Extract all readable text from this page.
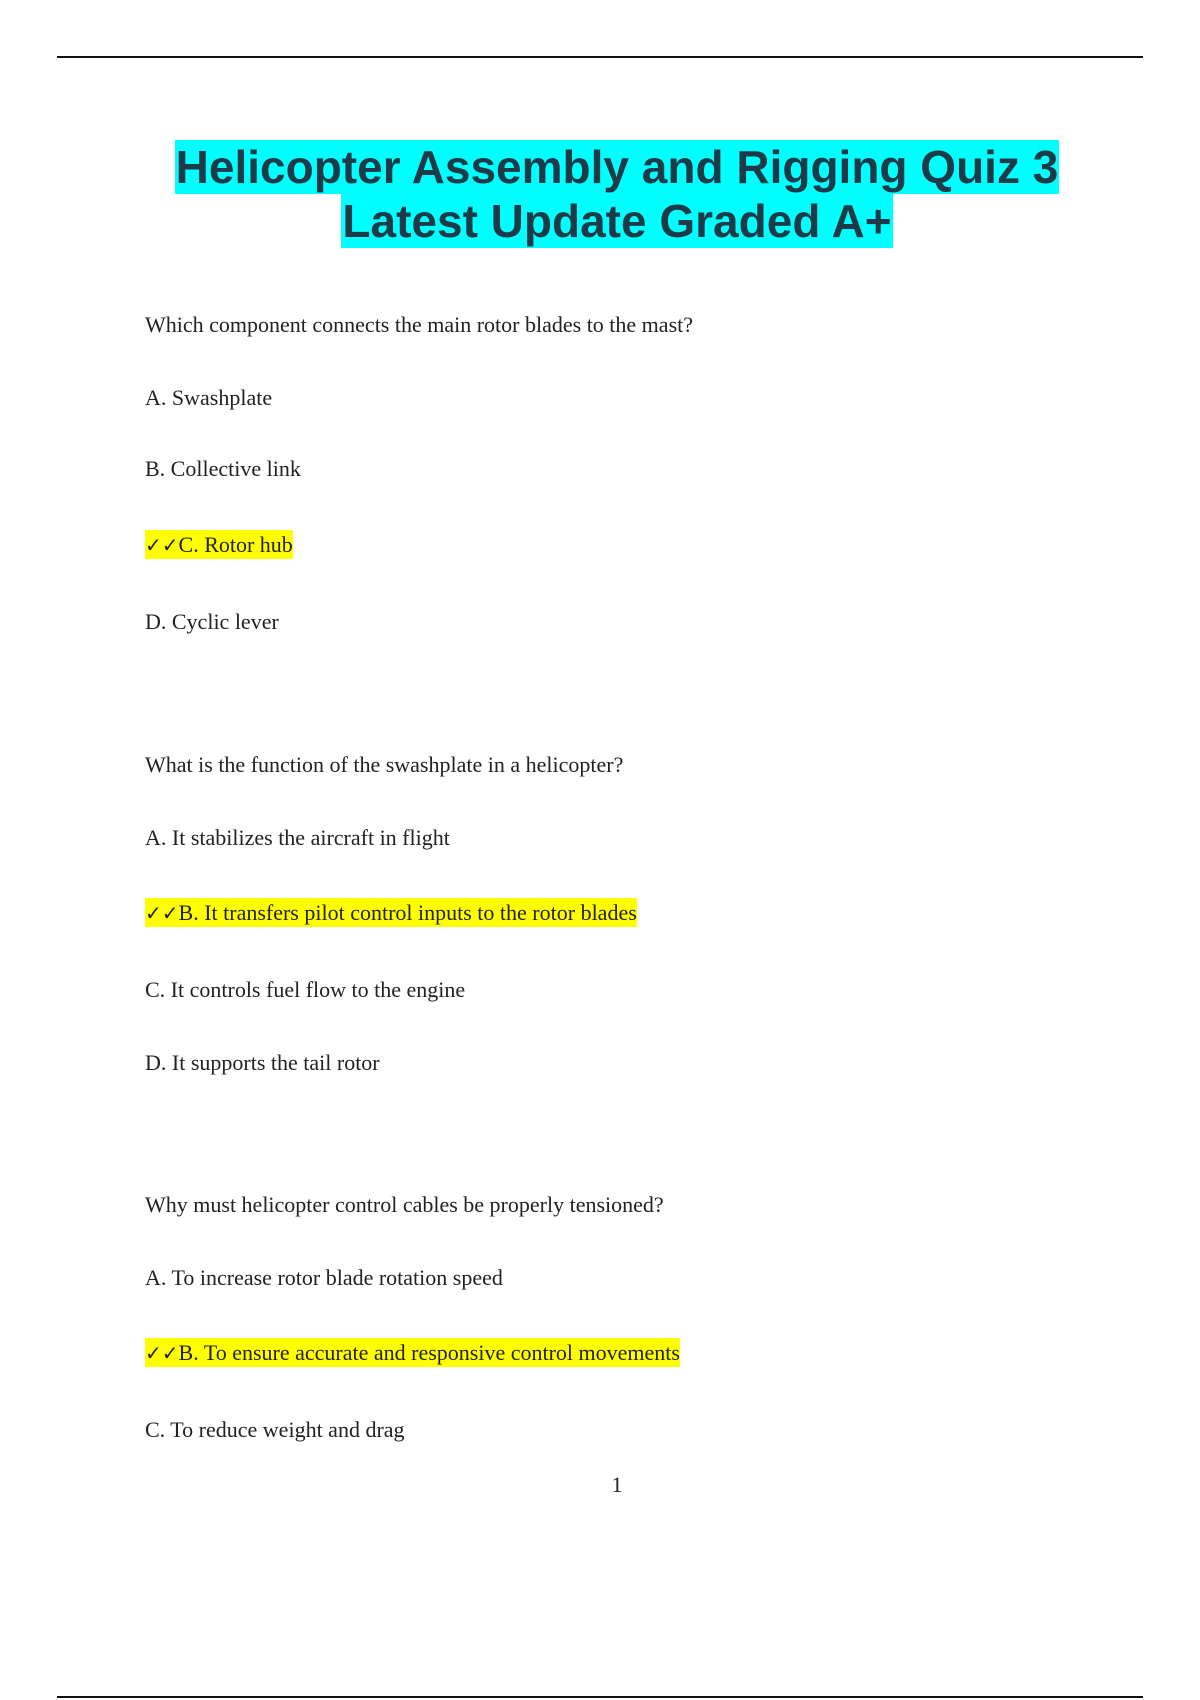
Helicopter Assembly and Rigging Quiz 3
Latest Update Graded A+
Which component connects the main rotor blades to the mast?
A. Swashplate
B. Collective link
✓✓C. Rotor hub
D. Cyclic lever
What is the function of the swashplate in a helicopter?
A. It stabilizes the aircraft in flight
✓✓B. It transfers pilot control inputs to the rotor blades
C. It controls fuel flow to the engine
D. It supports the tail rotor
Why must helicopter control cables be properly tensioned?
A. To increase rotor blade rotation speed
✓✓B. To ensure accurate and responsive control movements
C. To reduce weight and drag
1
